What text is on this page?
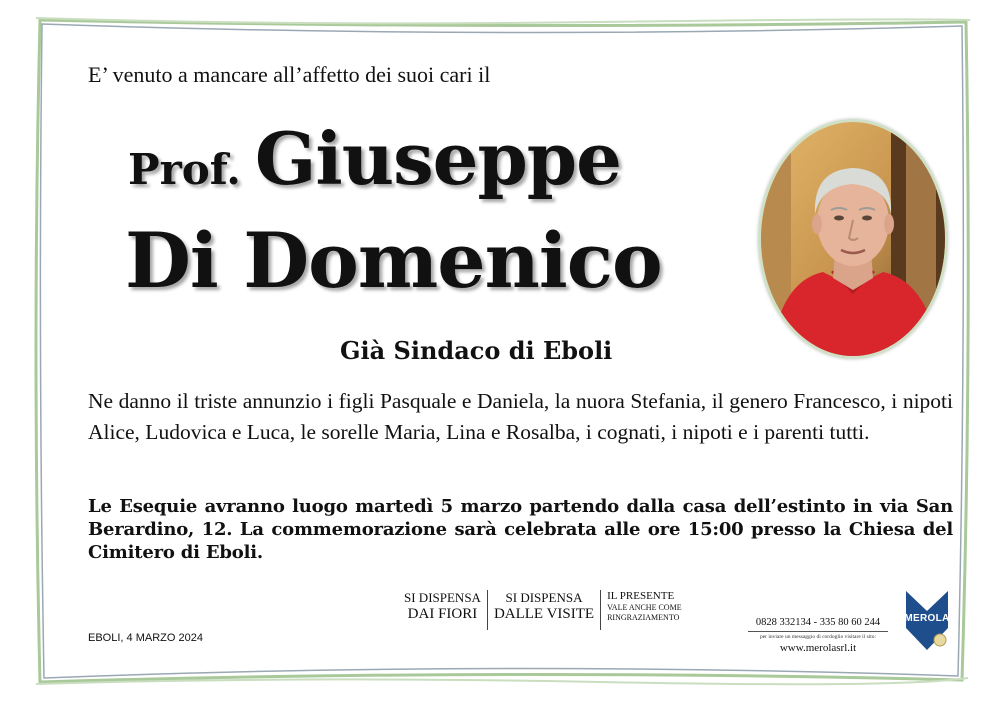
E’ venuto a mancare all’affetto dei suoi cari il
Prof. Giuseppe
Di Domenico
Già Sindaco di Eboli
Ne danno il triste annunzio i figli Pasquale e Daniela, la nuora Stefania, il genero Francesco, i nipoti Alice, Ludovica e Luca, le sorelle Maria, Lina e Rosalba, i cognati, i nipoti e i parenti tutti.
Le Esequie avranno luogo martedì 5 marzo partendo dalla casa dell’estinto in via San Berardino, 12. La commemorazione sarà celebrata alle ore 15:00 presso la Chiesa del Cimitero di Eboli.
EBOLI, 4 MARZO 2024
SI DISPENSA
DAI FIORI
SI DISPENSA
DALLE VISITE
IL PRESENTE
VALE ANCHE COME RINGRAZIAMENTO	0828 332134 - 335 80 60 244
per inviare un messaggio di cordoglio visitare il sito:
www.merolasrl.it
MEROLA
